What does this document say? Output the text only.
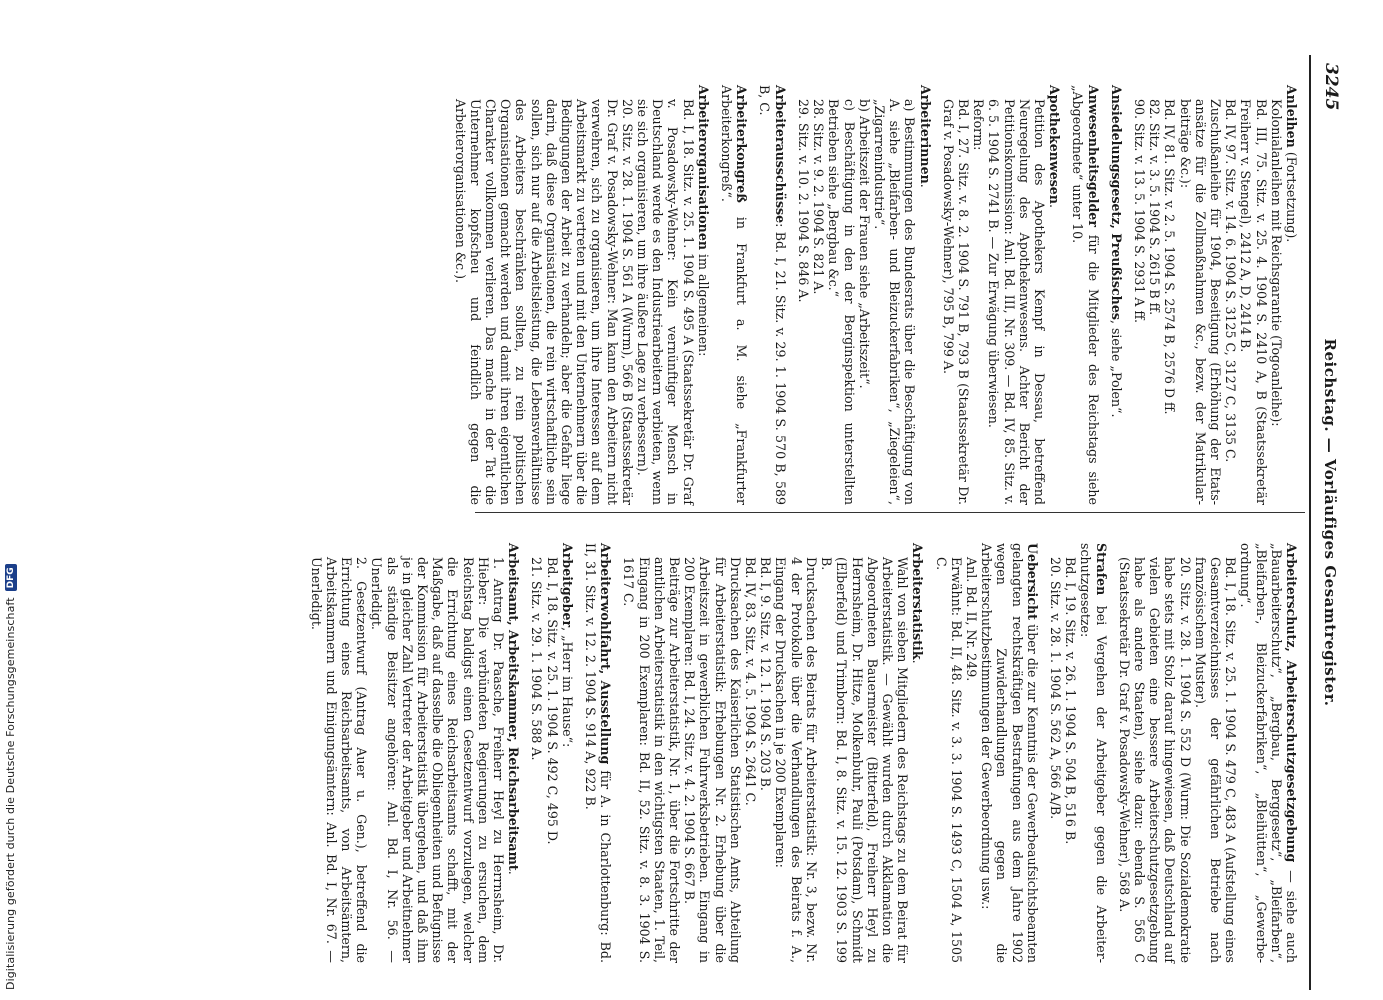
Reichstag. — Vorläufiges Gesamtregister.
3245

Anleihen (Fortsetzung).

Kolonialanleihen mit Reichsgarantie (Togoanleihe):

Bd. III, 75. Sitz. v. 25. 4. 1904 S. 2410 A, B (Staatssekretär Freiherr v. Stengel), 2412 A, D, 2414 B.

Bd. IV, 97. Sitz. v. 14. 6. 1904 S. 3125 C, 3127 C, 3135 C.

Zuschußanleihe für 1904, Beseitigung (Erhöhung der Etatsansätze für die Zollmaßnahmen &c., bezw. der Matrikularbeiträge &c.):

Bd. IV, 81. Sitz. v. 2. 5. 1904 S. 2574 B, 2576 D ff.

82. Sitz. v. 3. 5. 1904 S. 2615 B ff.

90. Sitz. v. 13. 5. 1904 S. 2931 A ff.

Ansiedelungsgesetz, Preußisches, siehe „Polen“.

Anwesenheitsgelder für die Mitglieder des Reichstags siehe „Abgeordnete“ unter 10.

Apothekenwesen.

Petition des Apothekers Kempf in Dessau, betreffend Neuregelung des Apothekenwesens. Achter Bericht der Petitionskommission: Anl. Bd. III, Nr. 309. — Bd. IV, 85. Sitz. v. 6. 5. 1904 S. 2741 B. — Zur Erwägung überwiesen.

Reform:

Bd. I, 27. Sitz. v. 8. 2. 1904 S. 791 B, 793 B (Staatssekretär Dr. Graf v. Posadowsky-Wehner), 795 B, 799 A.

Arbeiterinnen.

a) Bestimmungen des Bundesrats über die Beschäftigung von A. siehe „Bleifarben- und Bleizuckerfabriken“, „Ziegeleien“, „Zigarrenindustrie“.

b) Arbeitszeit der Frauen siehe „Arbeitszeit“.

c) Beschäftigung in den der Berginspektion unterstellten Betrieben siehe „Bergbau &c.“

28. Sitz. v. 9. 2. 1904 S. 821 A.

29. Sitz. v. 10. 2. 1904 S. 846 A.

Arbeiterausschüsse: Bd. I, 21. Sitz. v. 29. 1. 1904 S. 570 B, 589 B, C.

Arbeiterkongreß in Frankfurt a. M. siehe „Frankfurter Arbeiterkongreß“.

Arbeiterorganisationen im allgemeinen:

Bd. I, 18. Sitz. v. 25. 1. 1904 S. 495 A (Staatssekretär Dr. Graf v. Posadowsky-Wehner: Kein vernünftiger Mensch in Deutschland werde es den Industriearbeitern verbieten, wenn sie sich organisieren, um ihre äußere Lage zu verbessern).

20. Sitz. v. 28. 1. 1904 S. 561 A (Wurm), 566 B (Staatssekretär Dr. Graf v. Posadowsky-Wehner: Man kann den Arbeitern nicht verwehren, sich zu organisieren, um ihre Interessen auf dem Arbeitsmarkt zu vertreten und mit den Unternehmern über die Bedingungen der Arbeit zu verhandeln; aber die Gefahr liege darin, daß diese Organisationen, die rein wirtschaftliche sein sollen, sich nur auf die Arbeitsleistung, die Lebensverhältnisse des Arbeiters beschränken sollten, zu rein politischen Organisationen gemacht werden und damit ihren eigentlichen Charakter vollkommen verlieren. Das mache in der Tat die Unternehmer kopfscheu und feindlich gegen die Arbeiterorganisationen &c.).

Arbeiterschutz, Arbeiterschutzgesetzgebung — siehe auch „Bauarbeiterschutz“, „Bergbau, Berggesetz“, „Bleifarben“, „Bleifarben-, Bleizuckerfabriken“, „Bleihütten“, „Gewerbeordnung“.

Bd. I, 18. Sitz. v. 25. 1. 1904 S. 479 C, 483 A (Aufstellung eines Gesamtverzeichnisses der gefährlichen Betriebe nach französischem Muster).

20. Sitz. v. 28. 1. 1904 S. 552 D (Wurm: Die Sozialdemokratie habe stets mit Stolz darauf hingewiesen, daß Deutschland auf vielen Gebieten eine bessere Arbeiterschutzgesetzgebung habe als andere Staaten), siehe dazu: ebenda S. 565 C (Staatssekretär Dr. Graf v. Posadowsky-Wehner), 568 A.

Strafen bei Vergehen der Arbeitgeber gegen die Arbeiterschutzgesetze:

Bd. I, 19. Sitz. v. 26. 1. 1904 S. 504 B, 516 B.

20. Sitz. v. 28. 1. 1904 S. 562 A, 566 A/B.

Uebersicht über die zur Kenntnis der Gewerbeaufsichtsbeamten gelangten rechtskräftigen Bestrafungen aus dem Jahre 1902 wegen Zuwiderhandlungen gegen die Arbeiterschutzbestimmungen der Gewerbeordnung usw.:

Anl. Bd. II, Nr. 249.

Erwähnt: Bd. II, 48. Sitz. v. 3. 3. 1904 S. 1493 C, 1504 A, 1505 C.

Arbeiterstatistik.

Wahl von sieben Mitgliedern des Reichstags zu dem Beirat für Arbeiterstatistik. — Gewählt wurden durch Akklamation die Abgeordneten Bauermeister (Bitterfeld), Freiherr Heyl zu Herrnsheim, Dr. Hitze, Molkenbuhr, Pauli (Potsdam), Schmidt (Elberfeld) und Trimborn: Bd. I, 8. Sitz. v. 15. 12. 1903 S. 199 B.

Drucksachen des Beirats für Arbeiterstatistik: Nr. 3, bezw. Nr. 4 der Protokolle über die Verhandlungen des Beirats f. A., Eingang der Drucksachen in je 200 Exemplaren:

Bd. I, 9. Sitz. v. 12. 1. 1904 S. 203 B.

Bd. IV, 83. Sitz. v. 4. 5. 1904 S. 2641 C.

Drucksachen des Kaiserlichen Statistischen Amts, Abteilung für Arbeiterstatistik: Erhebungen Nr. 2. Erhebung über die Arbeitszeit in gewerblichen Fuhrwerksbetrieben. Eingang in 200 Exemplaren: Bd. I, 24. Sitz. v. 4. 2. 1904 S. 667 B.

Beiträge zur Arbeiterstatistik, Nr. 1, über die Fortschritte der amtlichen Arbeiterstatistik in den wichtigsten Staaten, 1. Teil, Eingang in 200 Exemplaren: Bd. II, 52. Sitz. v. 8. 3. 1904 S. 1617 C.

Arbeiterwohlfahrt, Ausstellung für A. in Charlottenburg: Bd. II, 31. Sitz. v. 12. 2. 1904 S. 914 A, 922 B.

Arbeitgeber, „Herr im Hause“:

Bd. I, 18. Sitz. v. 25. 1. 1904 S. 492 C, 495 D.

21. Sitz. v. 29. 1. 1904 S. 588 A.

Arbeitsamt, Arbeitskammer, Reichsarbeitsamt.

1. Antrag Dr. Paasche, Freiherr Heyl zu Herrnsheim, Dr. Hieber: Die verbündeten Regierungen zu ersuchen, dem Reichstag baldigst einen Gesetzentwurf vorzulegen, welcher die Errichtung eines Reichsarbeitsamts schafft, mit der Maßgabe, daß auf dasselbe die Obliegenheiten und Befugnisse der Kommission für Arbeiterstatistik übergehen, und daß ihm je in gleicher Zahl Vertreter der Arbeitgeber und Arbeitnehmer als ständige Beisitzer angehören: Anl. Bd. I, Nr. 56. — Unerledigt.

2. Gesetzentwurf (Antrag Auer u. Gen.), betreffend die Errichtung eines Reichsarbeitsamts, von Arbeitsämtern, Arbeitskammern und Einigungsämtern: Anl. Bd. I, Nr. 67. — Unerledigt.

Digitalisierung gefördert durch die Deutsche Forschungsgemeinschaft
DFG
